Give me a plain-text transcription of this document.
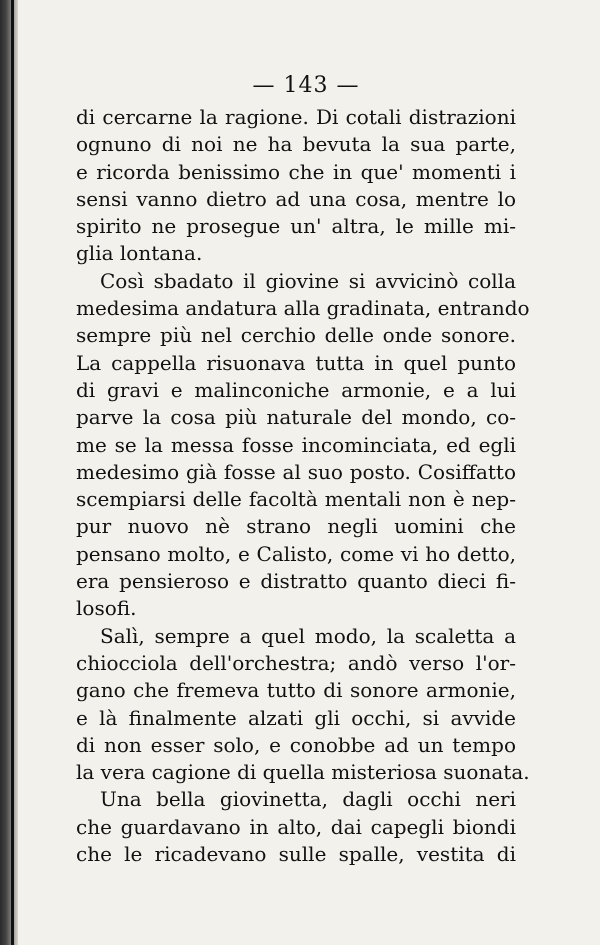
— 143 —

di cercarne la ragione. Di cotali distrazioni
ognuno di noi ne ha bevuta la sua parte,
e ricorda benissimo che in que' momenti i
sensi vanno dietro ad una cosa, mentre lo
spirito ne prosegue un' altra, le mille mi-
glia lontana.

Così sbadato il giovine si avvicinò colla
medesima andatura alla gradinata, entrando
sempre più nel cerchio delle onde sonore.
La cappella risuonava tutta in quel punto
di gravi e malinconiche armonie, e a lui
parve la cosa più naturale del mondo, co-
me se la messa fosse incominciata, ed egli
medesimo già fosse al suo posto. Cosiffatto
scempiarsi delle facoltà mentali non è nep-
pur nuovo nè strano negli uomini che
pensano molto, e Calisto, come vi ho detto,
era pensieroso e distratto quanto dieci fi-
losofi.

Salì, sempre a quel modo, la scaletta a
chiocciola dell'orchestra; andò verso l'or-
gano che fremeva tutto di sonore armonie,
e là finalmente alzati gli occhi, si avvide
di non esser solo, e conobbe ad un tempo
la vera cagione di quella misteriosa suonata.

Una bella giovinetta, dagli occhi neri
che guardavano in alto, dai capegli biondi
che le ricadevano sulle spalle, vestita di
